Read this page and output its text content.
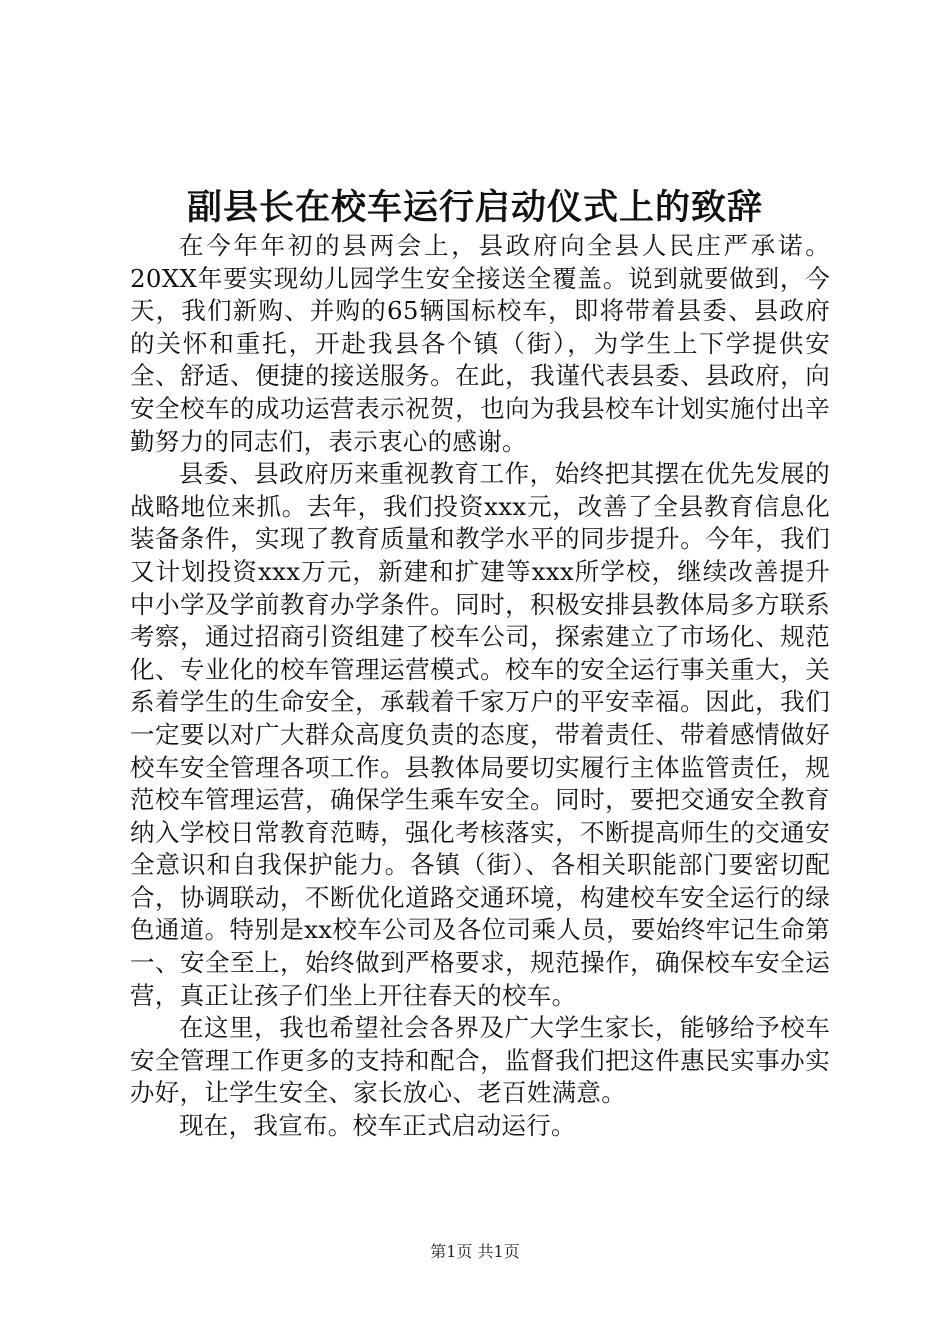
副县长在校车运行启动仪式上的致辞

在今年年初的县两会上，县政府向全县人民庄严承诺。20XX年要实现幼儿园学生安全接送全覆盖。说到就要做到，今天，我们新购、并购的65辆国标校车，即将带着县委、县政府的关怀和重托，开赴我县各个镇（街），为学生上下学提供安全、舒适、便捷的接送服务。在此，我谨代表县委、县政府，向安全校车的成功运营表示祝贺，也向为我县校车计划实施付出辛勤努力的同志们，表示衷心的感谢。

县委、县政府历来重视教育工作，始终把其摆在优先发展的战略地位来抓。去年，我们投资xxx元，改善了全县教育信息化装备条件，实现了教育质量和教学水平的同步提升。今年，我们又计划投资xxx万元，新建和扩建等xxx所学校，继续改善提升中小学及学前教育办学条件。同时，积极安排县教体局多方联系考察，通过招商引资组建了校车公司，探索建立了市场化、规范化、专业化的校车管理运营模式。校车的安全运行事关重大，关系着学生的生命安全，承载着千家万户的平安幸福。因此，我们一定要以对广大群众高度负责的态度，带着责任、带着感情做好校车安全管理各项工作。县教体局要切实履行主体监管责任，规范校车管理运营，确保学生乘车安全。同时，要把交通安全教育纳入学校日常教育范畴，强化考核落实，不断提高师生的交通安全意识和自我保护能力。各镇（街）、各相关职能部门要密切配合，协调联动，不断优化道路交通环境，构建校车安全运行的绿色通道。特别是xx校车公司及各位司乘人员，要始终牢记生命第一、安全至上，始终做到严格要求，规范操作，确保校车安全运营，真正让孩子们坐上开往春天的校车。

在这里，我也希望社会各界及广大学生家长，能够给予校车安全管理工作更多的支持和配合，监督我们把这件惠民实事办实办好，让学生安全、家长放心、老百姓满意。

现在，我宣布。校车正式启动运行。

第1页 共1页
